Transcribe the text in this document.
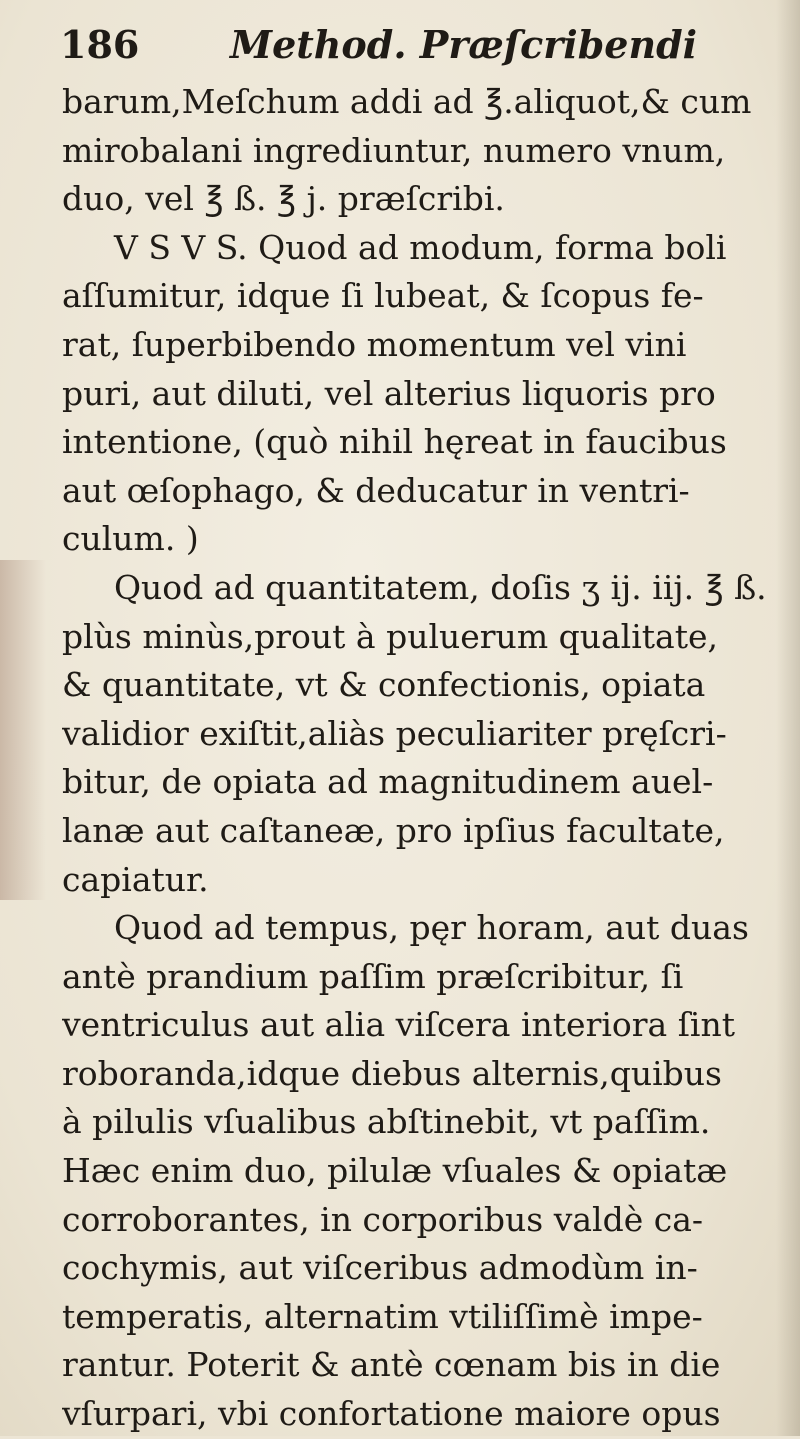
186 Method. Præſcribendi
barum,Meſchum addi ad ℥.aliquot,& cum
mirobalani ingrediuntur, numero vnum,
duo, vel ℥ ß. ℥ j. præſcribi.
V S V S. Quod ad modum, forma boli
aſſumitur, idque ſi lubeat, & ſcopus fe-
rat, ſuperbibendo momentum vel vini
puri, aut diluti, vel alterius liquoris pro
intentione, (quò nihil hęreat in faucibus
aut œſophago, & deducatur in ventri-
culum. )
Quod ad quantitatem, doſis ʒ ij. iij. ℥ ß.
plùs minùs,prout à puluerum qualitate,
& quantitate, vt & confectionis, opiata
validior exiſtit,aliàs peculiariter pręſcri-
bitur, de opiata ad magnitudinem auel-
lanæ aut caſtaneæ, pro ipſius facultate,
capiatur.
Quod ad tempus, pęr horam, aut duas
antè prandium paſſim præſcribitur, ſi
ventriculus aut alia viſcera interiora ſint
roboranda,idque diebus alternis,quibus
à pilulis vſualibus abſtinebit, vt paſſim.
Hæc enim duo, pilulæ vſuales & opiatæ
corroborantes, in corporibus valdè ca-
cochymis, aut viſceribus admodùm in-
temperatis, alternatim vtiliſſimè impe-
rantur. Poterit & antè cœnam bis in die
vſurpari, vbi confortatione maiore opus
